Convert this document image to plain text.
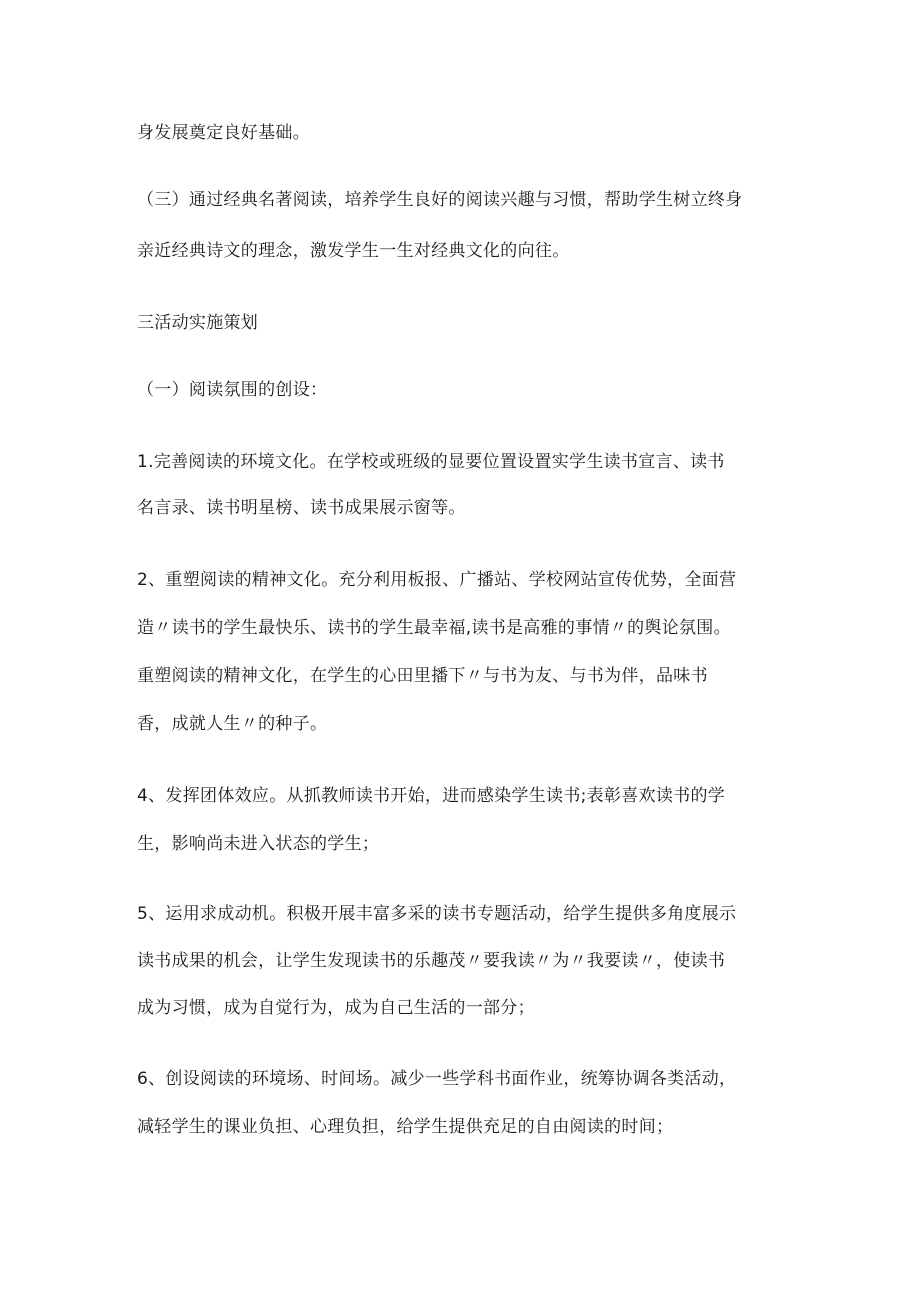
身发展奠定良好基础。
（三）通过经典名著阅读，培养学生良好的阅读兴趣与习惯，帮助学生树立终身
亲近经典诗文的理念，激发学生一生对经典文化的向往。
三活动实施策划
（一）阅读氛围的创设：
1.完善阅读的环境文化。在学校或班级的显要位置设置实学生读书宣言、读书
名言录、读书明星榜、读书成果展示窗等。
2、重塑阅读的精神文化。充分利用板报、广播站、学校网站宣传优势，全面营
造〃读书的学生最快乐、读书的学生最幸福,读书是高雅的事情〃的舆论氛围。
重塑阅读的精神文化，在学生的心田里播下〃与书为友、与书为伴，品味书
香，成就人生〃的种子。
4、发挥团体效应。从抓教师读书开始，进而感染学生读书;表彰喜欢读书的学
生，影响尚未进入状态的学生；
5、运用求成动机。积极开展丰富多采的读书专题活动，给学生提供多角度展示
读书成果的机会，让学生发现读书的乐趣茂〃要我读〃为〃我要读〃，使读书
成为习惯，成为自觉行为，成为自己生活的一部分；
6、创设阅读的环境场、时间场。减少一些学科书面作业，统筹协调各类活动，
减轻学生的课业负担、心理负担，给学生提供充足的自由阅读的时间；
